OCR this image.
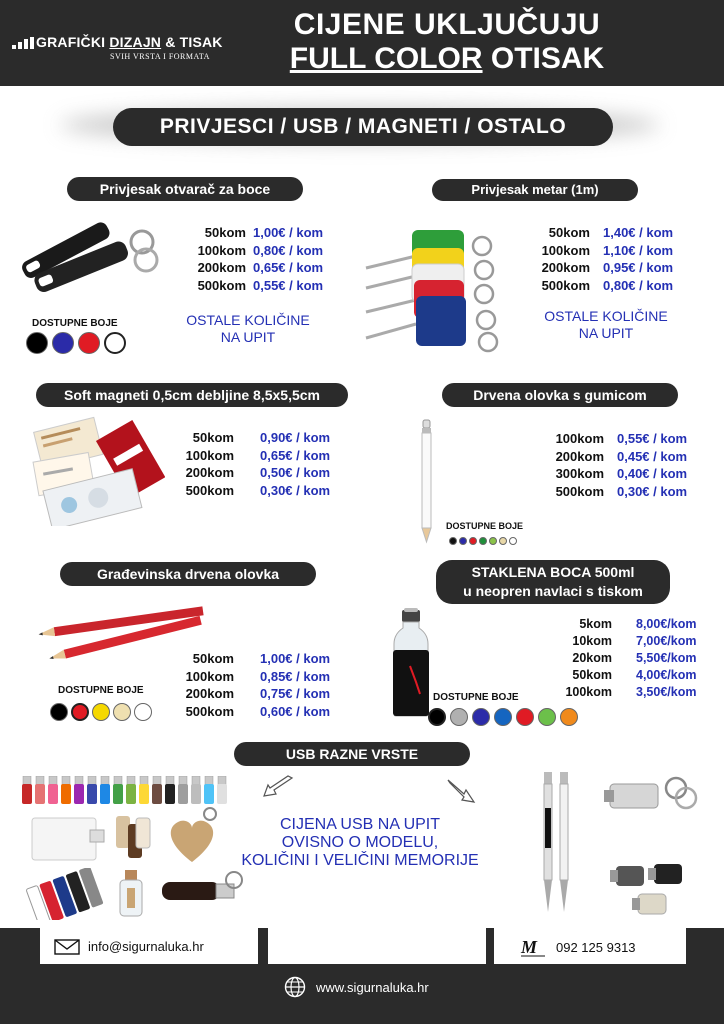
GRAFIČKI DIZAJN & TISAK
SVIH VRSTA I FORMATA
CIJENE UKLJUČUJU
FULL COLOR OTISAK
PRIVJESCI / USB / MAGNETI / OSTALO
Privjesak otvarač za boce
50kom 1,00€ / kom
100kom 0,80€ / kom
200kom 0,65€ / kom
500kom 0,55€ / kom
OSTALE KOLIČINE
NA UPIT
DOSTUPNE BOJE
Privjesak metar (1m)
50kom 1,40€ / kom
100kom 1,10€ / kom
200kom 0,95€ / kom
500kom 0,80€ / kom
OSTALE KOLIČINE
NA UPIT
Soft magneti 0,5cm debljine 8,5x5,5cm
50kom 0,90€ / kom
100kom 0,65€ / kom
200kom 0,50€ / kom
500kom 0,30€ / kom
Drvena olovka s gumicom
100kom 0,55€ / kom
200kom 0,45€ / kom
300kom 0,40€ / kom
500kom 0,30€ / kom
DOSTUPNE BOJE
Građevinska drvena olovka
50kom 1,00€ / kom
100kom 0,85€ / kom
200kom 0,75€ / kom
500kom 0,60€ / kom
DOSTUPNE BOJE
STAKLENA BOCA 500ml
u neopren navlaci s tiskom
5kom 8,00€/kom
10kom 7,00€/kom
20kom 5,50€/kom
50kom 4,00€/kom
100kom 3,50€/kom
DOSTUPNE BOJE
USB RAZNE VRSTE
CIJENA USB NA UPIT
OVISNO O MODELU,
KOLIČINI I VELIČINI MEMORIJE
info@sigurnaluka.hr	M 092 125 9313
www.sigurnaluka.hr
